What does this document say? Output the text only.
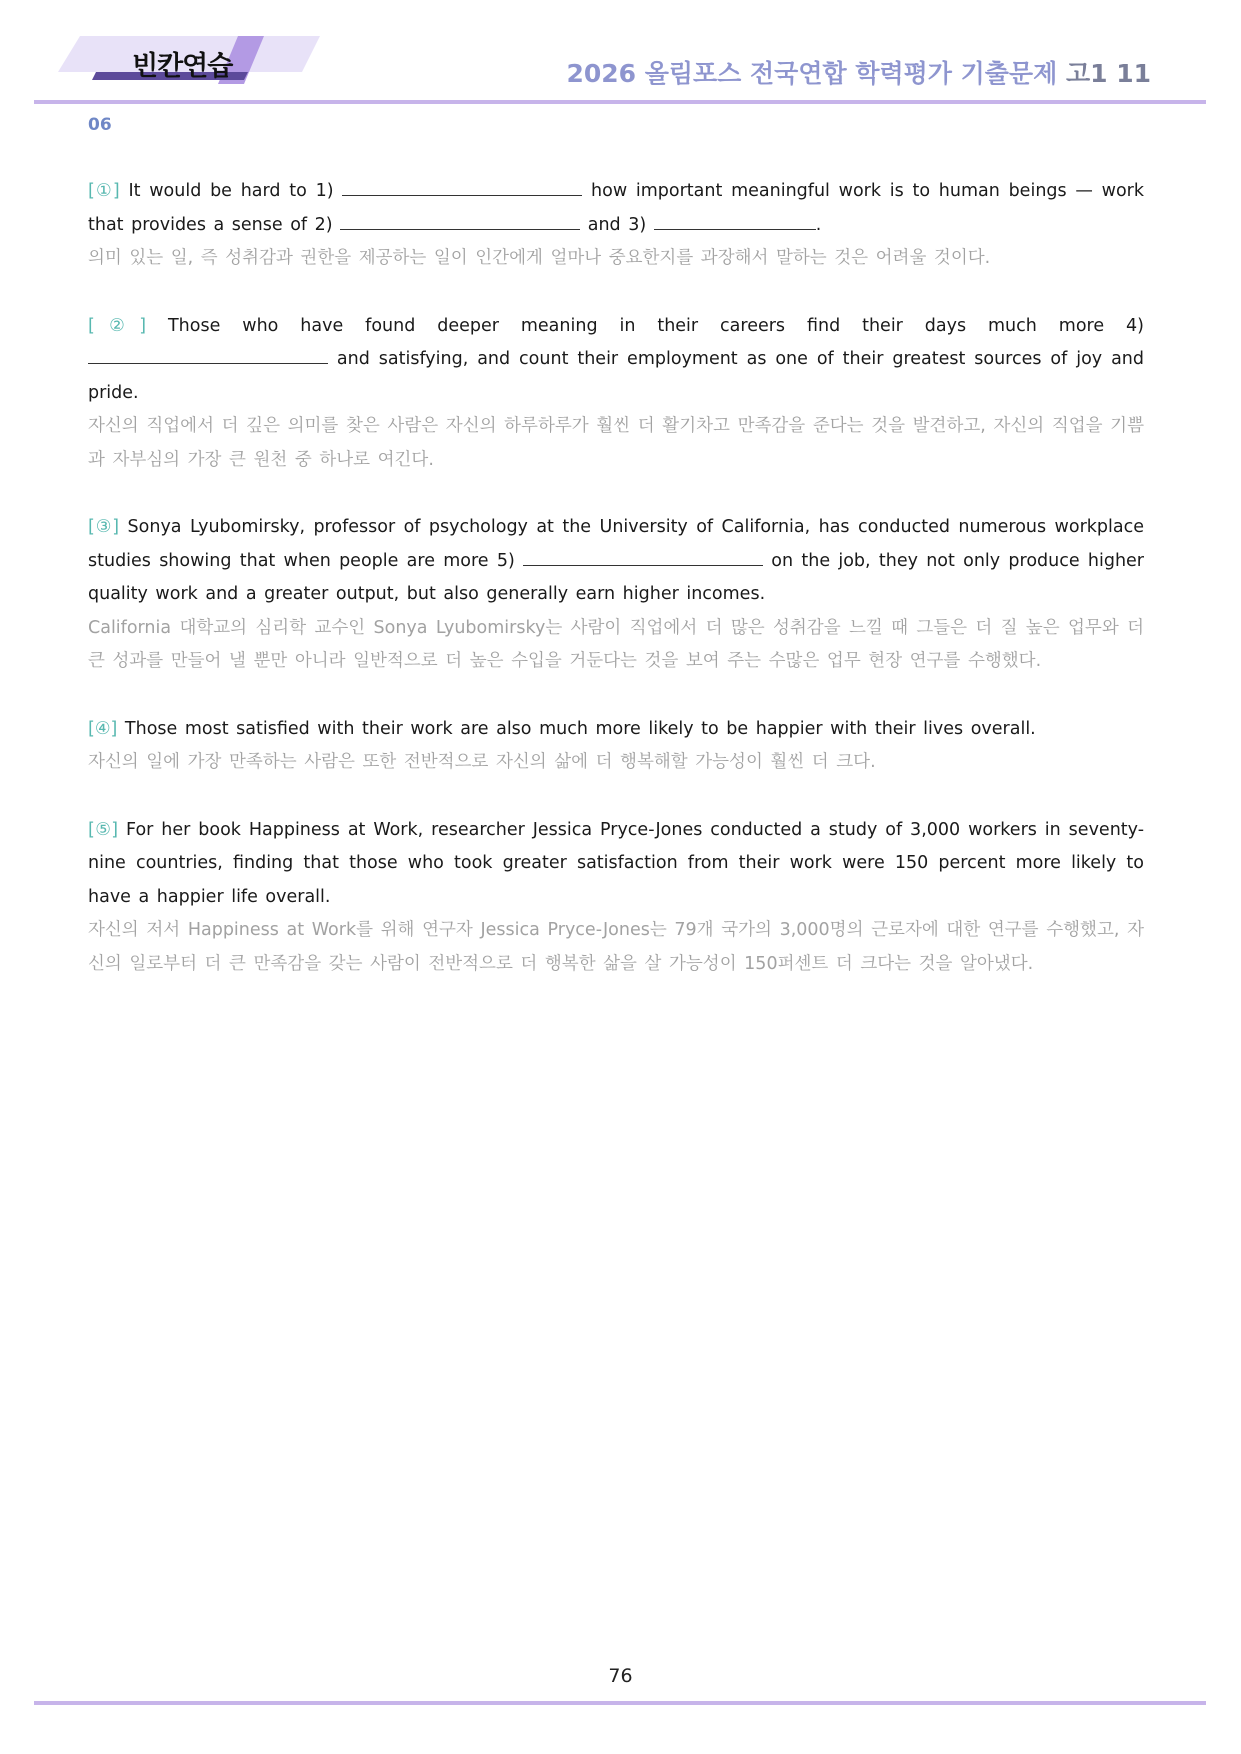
빈칸연습	2026 올림포스 전국연합 학력평가 기출문제 고1 11
06
[①] It would be hard to 1)	how important meaningful work is to human beings — work that provides a sense of 2)	and 3)	.
의미 있는 일, 즉 성취감과 권한을 제공하는 일이 인간에게 얼마나 중요한지를 과장해서 말하는 것은 어려울 것이다.
[②] Those who have found deeper meaning in their careers find their days much more 4)  and satisfying, and count their employment as one of their greatest sources of joy and pride.
자신의 직업에서 더 깊은 의미를 찾은 사람은 자신의 하루하루가 훨씬 더 활기차고 만족감을 준다는 것을 발견하고, 자신의 직업을 기쁨과 자부심의 가장 큰 원천 중 하나로 여긴다.
[③] Sonya Lyubomirsky, professor of psychology at the University of California, has conducted numerous workplace studies showing that when people are more 5)	on the job, they not only produce higher quality work and a greater output, but also generally earn higher incomes.
California 대학교의 심리학 교수인 Sonya Lyubomirsky는 사람이 직업에서 더 많은 성취감을 느낄 때 그들은 더 질 높은 업무와 더 큰 성과를 만들어 낼 뿐만 아니라 일반적으로 더 높은 수입을 거둔다는 것을 보여 주는 수많은 업무 현장 연구를 수행했다.
[④] Those most satisfied with their work are also much more likely to be happier with their lives overall.
자신의 일에 가장 만족하는 사람은 또한 전반적으로 자신의 삶에 더 행복해할 가능성이 훨씬 더 크다.
[⑤] For her book Happiness at Work, researcher Jessica Pryce-Jones conducted a study of 3,000 workers in seventy-nine countries, finding that those who took greater satisfaction from their work were 150 percent more likely to have a happier life overall.
자신의 저서 Happiness at Work를 위해 연구자 Jessica Pryce-Jones는 79개 국가의 3,000명의 근로자에 대한 연구를 수행했고, 자신의 일로부터 더 큰 만족감을 갖는 사람이 전반적으로 더 행복한 삶을 살 가능성이 150퍼센트 더 크다는 것을 알아냈다.
76
